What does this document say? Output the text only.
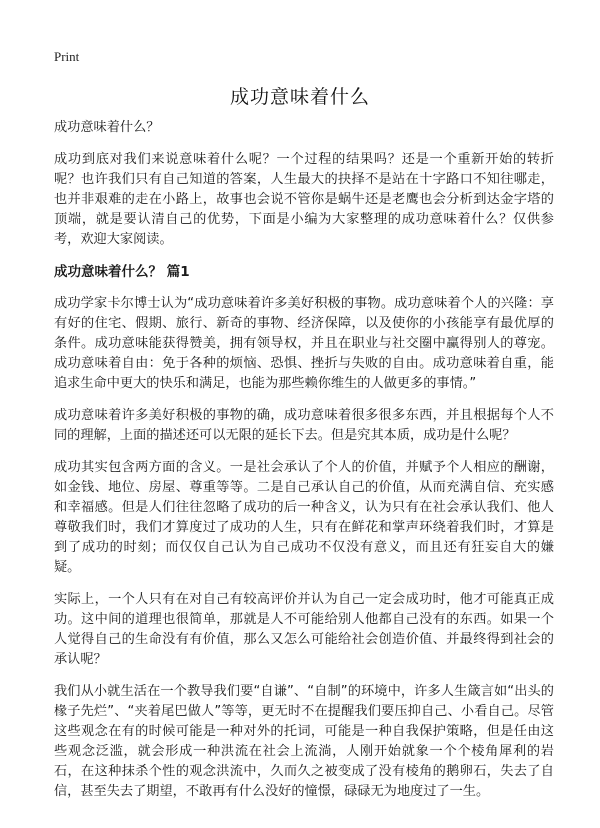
Print
成功意味着什么

成功意味着什么？

成功到底对我们来说意味着什么呢？一个过程的结果吗？还是一个重新开始的转折呢？也许我们只有自己知道的答案，人生最大的抉择不是站在十字路口不知往哪走，也并非艰难的走在小路上，故事也会说不管你是蜗牛还是老鹰也会分析到达金字塔的顶端，就是要认清自己的优势，下面是小编为大家整理的成功意味着什么？仅供参考，欢迎大家阅读。

成功意味着什么？ 篇1

成功学家卡尔博士认为“成功意味着许多美好积极的事物。成功意味着个人的兴隆：享有好的住宅、假期、旅行、新奇的事物、经济保障，以及使你的小孩能享有最优厚的条件。成功意味能获得赞美，拥有领导权，并且在职业与社交圈中赢得别人的尊宠。成功意味着自由：免于各种的烦恼、恐惧、挫折与失败的自由。成功意味着自重，能追求生命中更大的快乐和满足，也能为那些赖你维生的人做更多的事情。”

成功意味着许多美好积极的事物的确，成功意味着很多很多东西，并且根据每个人不同的理解，上面的描述还可以无限的延长下去。但是究其本质，成功是什么呢？

成功其实包含两方面的含义。一是社会承认了个人的价值，并赋予个人相应的酬谢，如金钱、地位、房屋、尊重等等。二是自己承认自己的价值，从而充满自信、充实感和幸福感。但是人们往往忽略了成功的后一种含义，认为只有在社会承认我们、他人尊敬我们时，我们才算度过了成功的人生，只有在鲜花和掌声环绕着我们时，才算是到了成功的时刻；而仅仅自己认为自己成功不仅没有意义，而且还有狂妄自大的嫌疑。

实际上，一个人只有在对自己有较高评价并认为自己一定会成功时，他才可能真正成功。这中间的道理也很简单，那就是人不可能给别人他都自己没有的东西。如果一个人觉得自己的生命没有有价值，那么又怎么可能给社会创造价值、并最终得到社会的承认呢？

我们从小就生活在一个教导我们要“自谦”、“自制”的环境中，许多人生箴言如“出头的椽子先烂”、“夹着尾巴做人”等等，更无时不在提醒我们要压抑自己、小看自己。尽管这些观念在有的时候可能是一种对外的托词，可能是一种自我保护策略，但是任由这些观念泛滥，就会形成一种洪流在社会上流淌，人刚开始就象一个个棱角犀利的岩石，在这种抹杀个性的观念洪流中，久而久之被变成了没有棱角的鹅卵石，失去了自信，甚至失去了期望，不敢再有什么没好的憧憬，碌碌无为地度过了一生。
